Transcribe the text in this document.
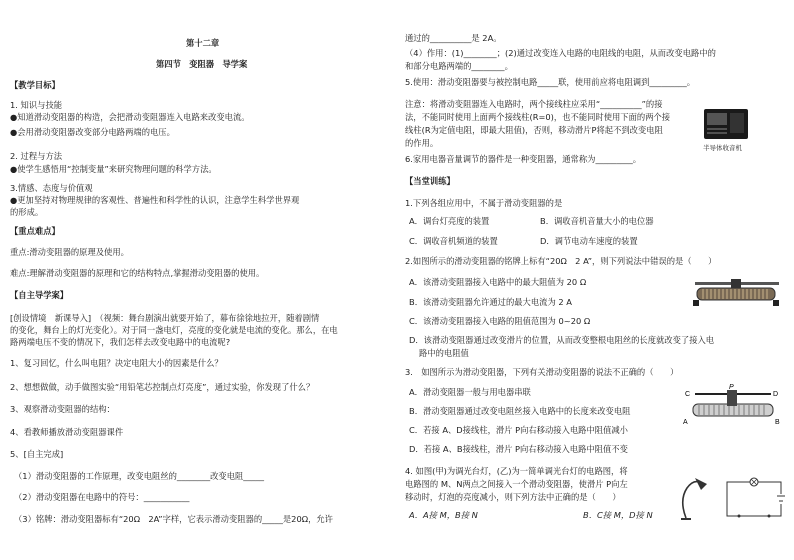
第十二章
第四节　变阻器　导学案
【教学目标】
1. 知识与技能
●知道滑动变阻器的构造，会把滑动变阻器连入电路来改变电流。
●会用滑动变阻器改变部分电路两端的电压。
2. 过程与方法
●使学生感悟用“控制变量”来研究物理问题的科学方法。
3.情感、态度与价值观
●更加坚持对物理规律的客观性、普遍性和科学性的认识，注意学生科学世界观
的形成。
【重点难点】
重点:滑动变阻器的原理及使用。
难点:理解滑动变阻器的原理和它的结构特点,掌握滑动变阻器的使用。
【自主导学案】
[创设情境　新课导入]　（视频：舞台剧演出就要开始了，幕布徐徐地拉开，随着剧情
的变化，舞台上的灯光变化）。对于同一盏电灯，亮度的变化就是电流的变化。那么，在电
路两端电压不变的情况下，我们怎样去改变电路中的电流呢?
1、复习回忆，什么叫电阻？决定电阻大小的因素是什么？
2、想想做做，动手做图实验“用铅笔芯控制点灯亮度”，通过实验，你发现了什么？
3、观察滑动变阻器的结构：
4、看教师播放滑动变阻器课件
5、[自主完成]
（1）滑动变阻器的工作原理，改变电阻丝的________改变电阻_____
（2）滑动变阻器在电路中的符号：___________
（3）铭牌：滑动变阻器标有“20Ω　2A”字样，它表示滑动变阻器的_____是20Ω，允许
通过的__________是 2A。
（4）作用：(1)________；(2)通过改变连入电路的电阻线的电阻，从而改变电路中的
和部分电路两端的________。
5.使用：滑动变阻器要与被控制电路_____联，使用前应将电阻调到_________。
注意：将滑动变阻器连入电路时，两个接线柱应采用“__________”的接
法，不能同时使用上面两个接线柱(R=0)，也不能同时使用下面的两个接
线柱(R为定值电阻，即最大阻值)，否则，移动滑片P将起不到改变电阻
的作用。	半导体收音机
6.家用电器音量调节的器件是一种变阻器，通常称为_________。
【当堂训练】
1.下列各组应用中，不属于滑动变阻器的是
A．调台灯亮度的装置	B．调收音机音量大小的电位器
C．调收音机频道的装置	D．调节电动车速度的装置
2.如图所示的滑动变阻器的铭牌上标有“20Ω　2 A”，则下列说法中错误的是（　　）
A．该滑动变阻器接入电路中的最大阻值为 20 Ω
B．该滑动变阻器允许通过的最大电流为 2 A
C．该滑动变阻器接入电路的阻值范围为 0~20 Ω
D．该滑动变阻器通过改变滑片的位置，从而改变整根电阻丝的长度就改变了接入电
路中的电阻值
3.　如图所示为滑动变阻器，下列有关滑动变阻器的说法不正确的（　　）
A．滑动变阻器一般与用电器串联
B．滑动变阻器通过改变电阻丝接入电路中的长度来改变电阻
C．若接 A、D接线柱，滑片 P向右移动接入电路中阻值减小
D．若接 A、B接线柱，滑片 P向右移动接入电路中阻值不变
C
P
D
A	B
4. 如图(甲)为调光台灯，(乙)为一简单调光台灯的电路图，将
电路图的 M、N两点之间接入一个滑动变阻器，使滑片 P向左
移动时，灯泡的亮度减小，则下列方法中正确的是（　　）
A．A接 M，B接 N	B．C接 M，D接 N
